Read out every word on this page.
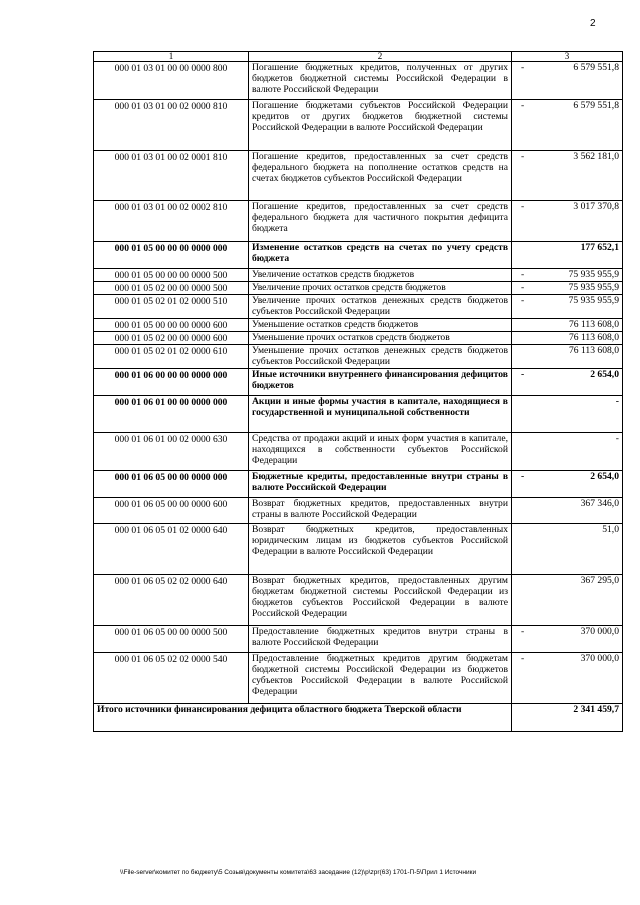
2
1	2	3
000 01 03 01 00 00 0000 800	Погашение бюджетных кредитов, полученных от других бюджетов бюджетной системы Российской Федерации в валюте Российской Федерации	- 6 579 551,8

000 01 03 01 00 02 0000 810	Погашение бюджетами субъектов Российской Федерации кредитов от других бюджетов бюджетной системы Российской Федерации в валюте Российской Федерации	- 6 579 551,8

000 01 03 01 00 02 0001 810	Погашение кредитов, предоставленных за счет средств федерального бюджета на пополнение остатков средств на счетах бюджетов субъектов Российской Федерации	- 3 562 181,0

000 01 03 01 00 02 0002 810	Погашение кредитов, предоставленных за счет средств федерального бюджета для частичного покрытия дефицита бюджета	- 3 017 370,8

000 01 05 00 00 00 0000 000	Изменение остатков средств на счетах по учету средств бюджета	177 652,1

000 01 05 00 00 00 0000 500	Увеличение остатков средств бюджетов	- 75 935 955,9

000 01 05 02 00 00 0000 500	Увеличение прочих остатков средств бюджетов	- 75 935 955,9

000 01 05 02 01 02 0000 510	Увеличение прочих остатков денежных средств бюджетов субъектов Российской Федерации	- 75 935 955,9

000 01 05 00 00 00 0000 600	Уменьшение остатков средств бюджетов	76 113 608,0

000 01 05 02 00 00 0000 600	Уменьшение прочих остатков средств бюджетов	76 113 608,0

000 01 05 02 01 02 0000 610	Уменьшение прочих остатков денежных средств бюджетов субъектов Российской Федерации	76 113 608,0

000 01 06 00 00 00 0000 000	Иные источники внутреннего финансирования дефицитов бюджетов	- 2 654,0

000 01 06 01 00 00 0000 000	Акции и иные формы участия в капитале, находящиеся в государственной и муниципальной собственности	-

000 01 06 01 00 02 0000 630	Средства от продажи акций и иных форм участия в капитале, находящихся в собственности субъектов Российской Федерации	-

000 01 06 05 00 00 0000 000	Бюджетные кредиты, предоставленные внутри страны в валюте Российской Федерации	- 2 654,0

000 01 06 05 00 00 0000 600	Возврат бюджетных кредитов, предоставленных внутри страны в валюте Российской Федерации	367 346,0

000 01 06 05 01 02 0000 640	Возврат бюджетных кредитов, предоставленных юридическим лицам из бюджетов субъектов Российской Федерации в валюте Российской Федерации	51,0

000 01 06 05 02 02 0000 640	Возврат бюджетных кредитов, предоставленных другим бюджетам бюджетной системы Российской Федерации из бюджетов субъектов Российской Федерации в валюте Российской Федерации	367 295,0

000 01 06 05 00 00 0000 500	Предоставление бюджетных кредитов внутри страны в валюте Российской Федерации	- 370 000,0

000 01 06 05 02 02 0000 540	Предоставление бюджетных кредитов другим бюджетам бюджетной системы Российской Федерации из бюджетов субъектов Российской Федерации в валюте Российской Федерации	- 370 000,0

Итого источники финансирования дефицита областного бюджета Тверской области		2 341 459,7
\\File-server\комитет по бюджету\5 Созыв\документы комитета\63 заседание (12)\p\zpr(63) 1701-П-5\Прил 1 Источники
